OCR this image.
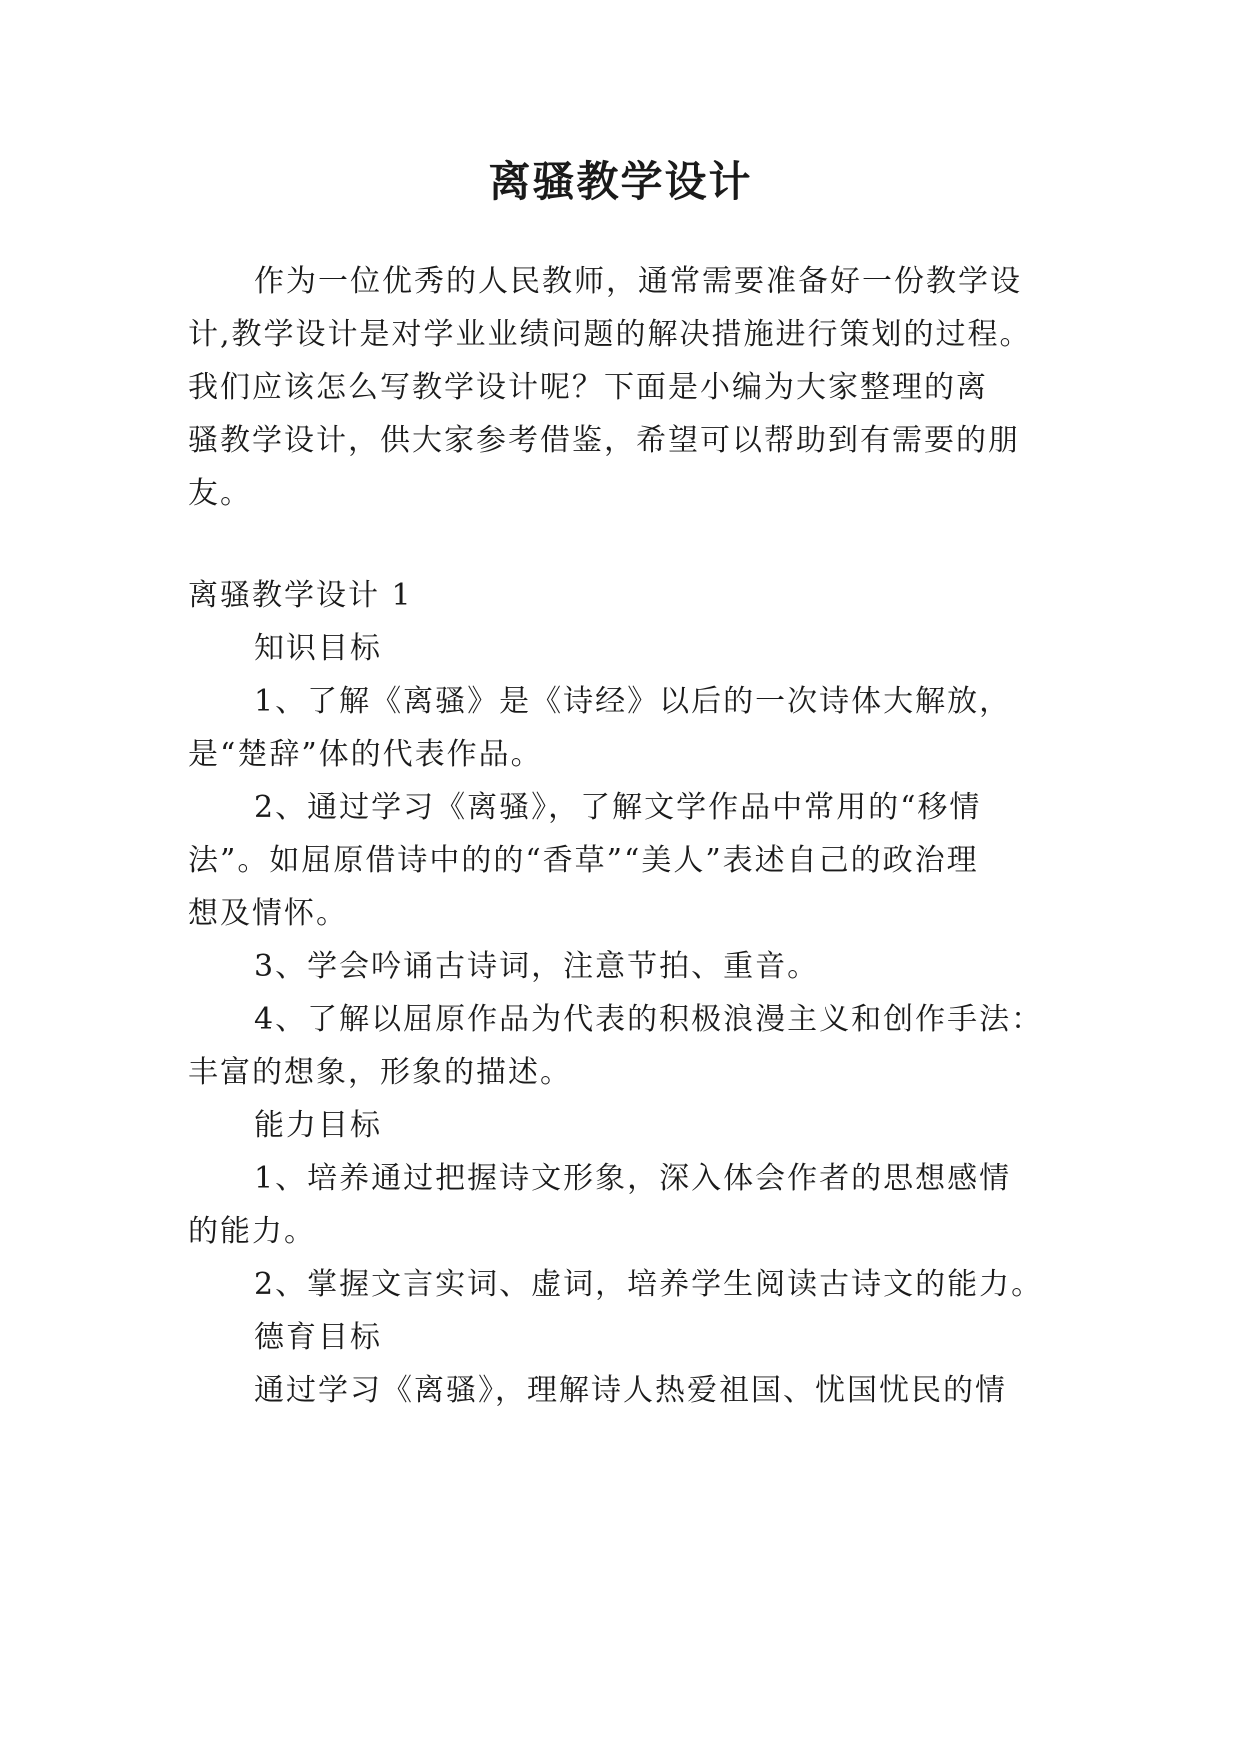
离骚教学设计

作为一位优秀的人民教师，通常需要准备好一份教学设

计,教学设计是对学业业绩问题的解决措施进行策划的过程。

我们应该怎么写教学设计呢？下面是小编为大家整理的离

骚教学设计，供大家参考借鉴，希望可以帮助到有需要的朋

友。

离骚教学设计 1

知识目标

1、了解《离骚》是《诗经》以后的一次诗体大解放，

是“楚辞”体的代表作品。

2、通过学习《离骚》，了解文学作品中常用的“移情

法”。如屈原借诗中的的“香草”“美人”表述自己的政治理

想及情怀。

3、学会吟诵古诗词，注意节拍、重音。

4、了解以屈原作品为代表的积极浪漫主义和创作手法：

丰富的想象，形象的描述。

能力目标

1、培养通过把握诗文形象，深入体会作者的思想感情

的能力。

2、掌握文言实词、虚词，培养学生阅读古诗文的能力。

德育目标

通过学习《离骚》，理解诗人热爱祖国、忧国忧民的情
